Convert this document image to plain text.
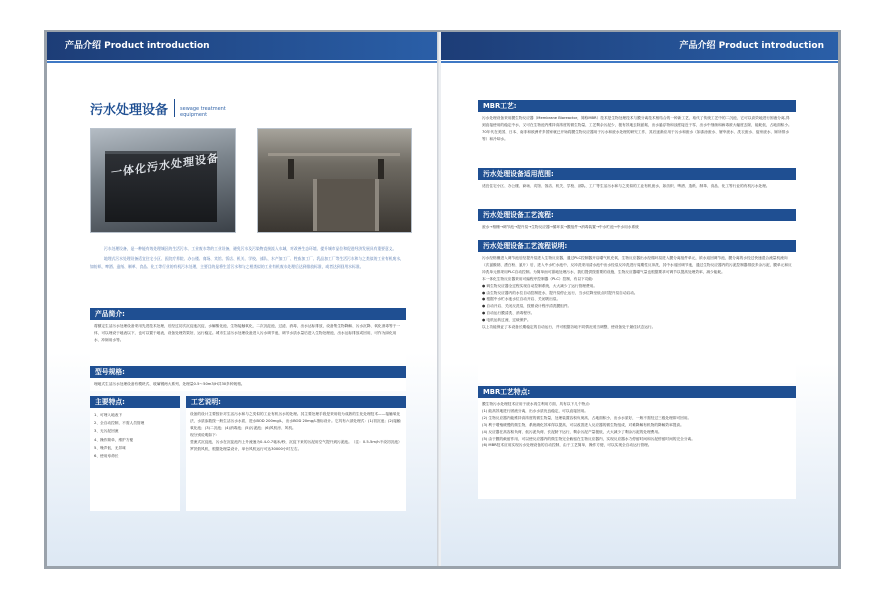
产品介绍 Product introduction	产品介绍 Product introduction
污水处理设备 sewage treatment equipment
一体化污水处理设备

污水处理设备，是一种能有效处理城区的生活污水、工业废水等的工业设备，避免污水及污染物直接流入水域，对改善生态环境、提升城市品位和促进经济发展具有重要意义。

地埋式污水处理设备适宜住宅小区、医院疗养院、办公楼、商场、宾馆、饭店、机关、学校、部队、水产加工厂、牲畜加工厂、乳品加工厂等生活污水和与之类似的工业有机废水，如纺织、啤酒、造纸、制革、食品、化工等行业的有机污水处理，主要目的是将生活污水和与之相类似的工业有机废水处理后达到排放标准，或者达到回用水标准。

产品简介:
将额定生活污水处理设备采用先进技术处理，后经过初次沉淀池沉淀，水解酸化池，生物接触氧化，二次沉淀池，过滤、消毒，出水达标排放，设备集生物降解、污水沉降、氧化消毒等于一体，可以埋设于地表以下，也可以置于地表，设备处理效果好，运行稳定。城市生活污水处理设备进入污水调节池，调节水质水量后进入生物处理池，出水达标排放或回用，可作为绿化用水、冲厕用水等。
型号规格:
埋地式生活污水处理设备有模块式、玻璃钢两大系列，处理量0.5～50m3/H共30多种规格。
主要特点:
1、可埋入地表下
2、全自动控制，不需人员管理
3、无污泥回流
4、操作简单，维护方便
5、噪声低，无异味
6、使用寿命长
工艺说明:
设备的设计主要按针对生活污水和与之类似的工业有机污水的处理。其主要处理手段是采用较为成熟的生化处理技术——接触氧化法，水质参数按一般生活污水水质，进水BOD 200mg/L，出水BOD 20mg/L指标设计。它具有六部处理式：(1)初沉池；(2)接触氧化池；(3)二沉池；(4)消毒池；(5)污泥池；(6)风机房、风机。
现分别说明如下：
竖流式沉淀池，污水在沉淀池内上升流速为0.4-0.7毫米/秒，沉淀下来的污泥用空气提升到污泥池。（注：0.5-5m/h不设初沉池）
罗茨鼓风机，根据处理量设计，单台风机运行可达30000小时左右。
MBR工艺:
污水处理设备采用膜生物反应器（Membrane Bioreactor，简称MBR）技术是生物处理技术与膜分离技术相结合的一种新工艺，取代了传统工艺中的二沉池，它可以高效地进行固液分离,得到直接使用的稳定中水，又可在生物池内维持高浓度的微生物量，工艺剩余污泥少，极有效地去除氨氮，出水悬浮物和浊度接近于零，出水中细菌和病毒被大幅度去除，能耗低，占地面积小。70年代在美国、日本、南非和欧洲许多国家就已开始将膜生物反应器用于污水和废水处理的研究工作，其后逐渐应用于污水和废水（如漆涂废水、屠宰废水、洗衣废水、厨房废水、厕所排水等）和冷却水。
污水处理设备适用范围:
适宜住宅小区、办公楼、商场、宾馆、饭店、机关、学校、部队、工厂等生活污水和与之类似的工业有机废水，如纺织、啤酒、造纸、制革、食品、化工等行业的有机污水处理。
污水处理设备工艺流程:
废水→格栅→调节池→提升泵→生物反应器→循环泵→膜组件→消毒装置→中水贮池→中水用水系统
污水处理设备工艺流程说明:
污水经格栅进入调节池后经提升泵进入生物反应器，通过PLC控制器开启曝气机充氧，生物反应器出水经循环泵进入膜分离组件单元，浓水返回调节池，膜分离的水经过快速混合流量机流向（次氯酸钠、漂白粉、氯片）后，进入中水贮水池中，反冲洗采用清水池中出水经泵反冲洗进行周期性反冲洗，其中水返回调节池，通过生物反应器内的污泥控制器排放多余污泥，膜单元和反冲洗单元都采用PLC自动控制。为简单而可靠地处理污水，我们提供按需要的设施，生物反应器曝气量也根据要求可调节以提高处理效率，减少能耗。
本一体化生物反应器采用可编程序控制器（PLC）控制，有以下功能:
● 调生物反应器全过程实现自动控制系统，大大减少了运行管理费用。
● 由生物反应器内的水位自动控制进水，提升泵停止运行，当水位降至低点时提升泵自动启动。
● 根据中水贮水池水位自动开启、关闭吸出泵。
● 自动开启、关闭反洗泵，按照设计程序清洗膜组件。
● 自动运行膜清洗、消毒程序。
● 电机运转过流、过载保护。
以上功能保证了本设备长期稳定的自动运行，并可根据各地不同情况适当调整，使设备处于最佳状态运行。
MBR工艺特点:
膜生物污水处理技术应用于废水再生利用方面，具有以下几个特点:
(1) 能高效地进行固液分离，出水水质优良稳定，可以直接回用。
(2) 生物反应器内能维持高浓度的微生物量，处理装置容积负荷高，占地面积小，出水水质好，一般不需经过三级处理即可回用。
(3) 利于增殖缓慢的微生物，系统硝化效率得以提高，可以改善进入反应器的微生物组成，对难降解有机物的降解效率提高。
(4) 反应器在高容积负荷、低污泥负荷、长泥龄下运行，剩余污泥产量极低，大大减少了剩余污泥的处理费用。
(5) 由于膜的截留作用，可以使反应器内的微生物完全截留在生物反应器内，实现反应器水力停留时间和污泥停留时间的完全分离。
(6) MBR技术应用实现污水处理设备的自动控制，由于工艺简单，操作方便，可以实现全自动运行管理。
